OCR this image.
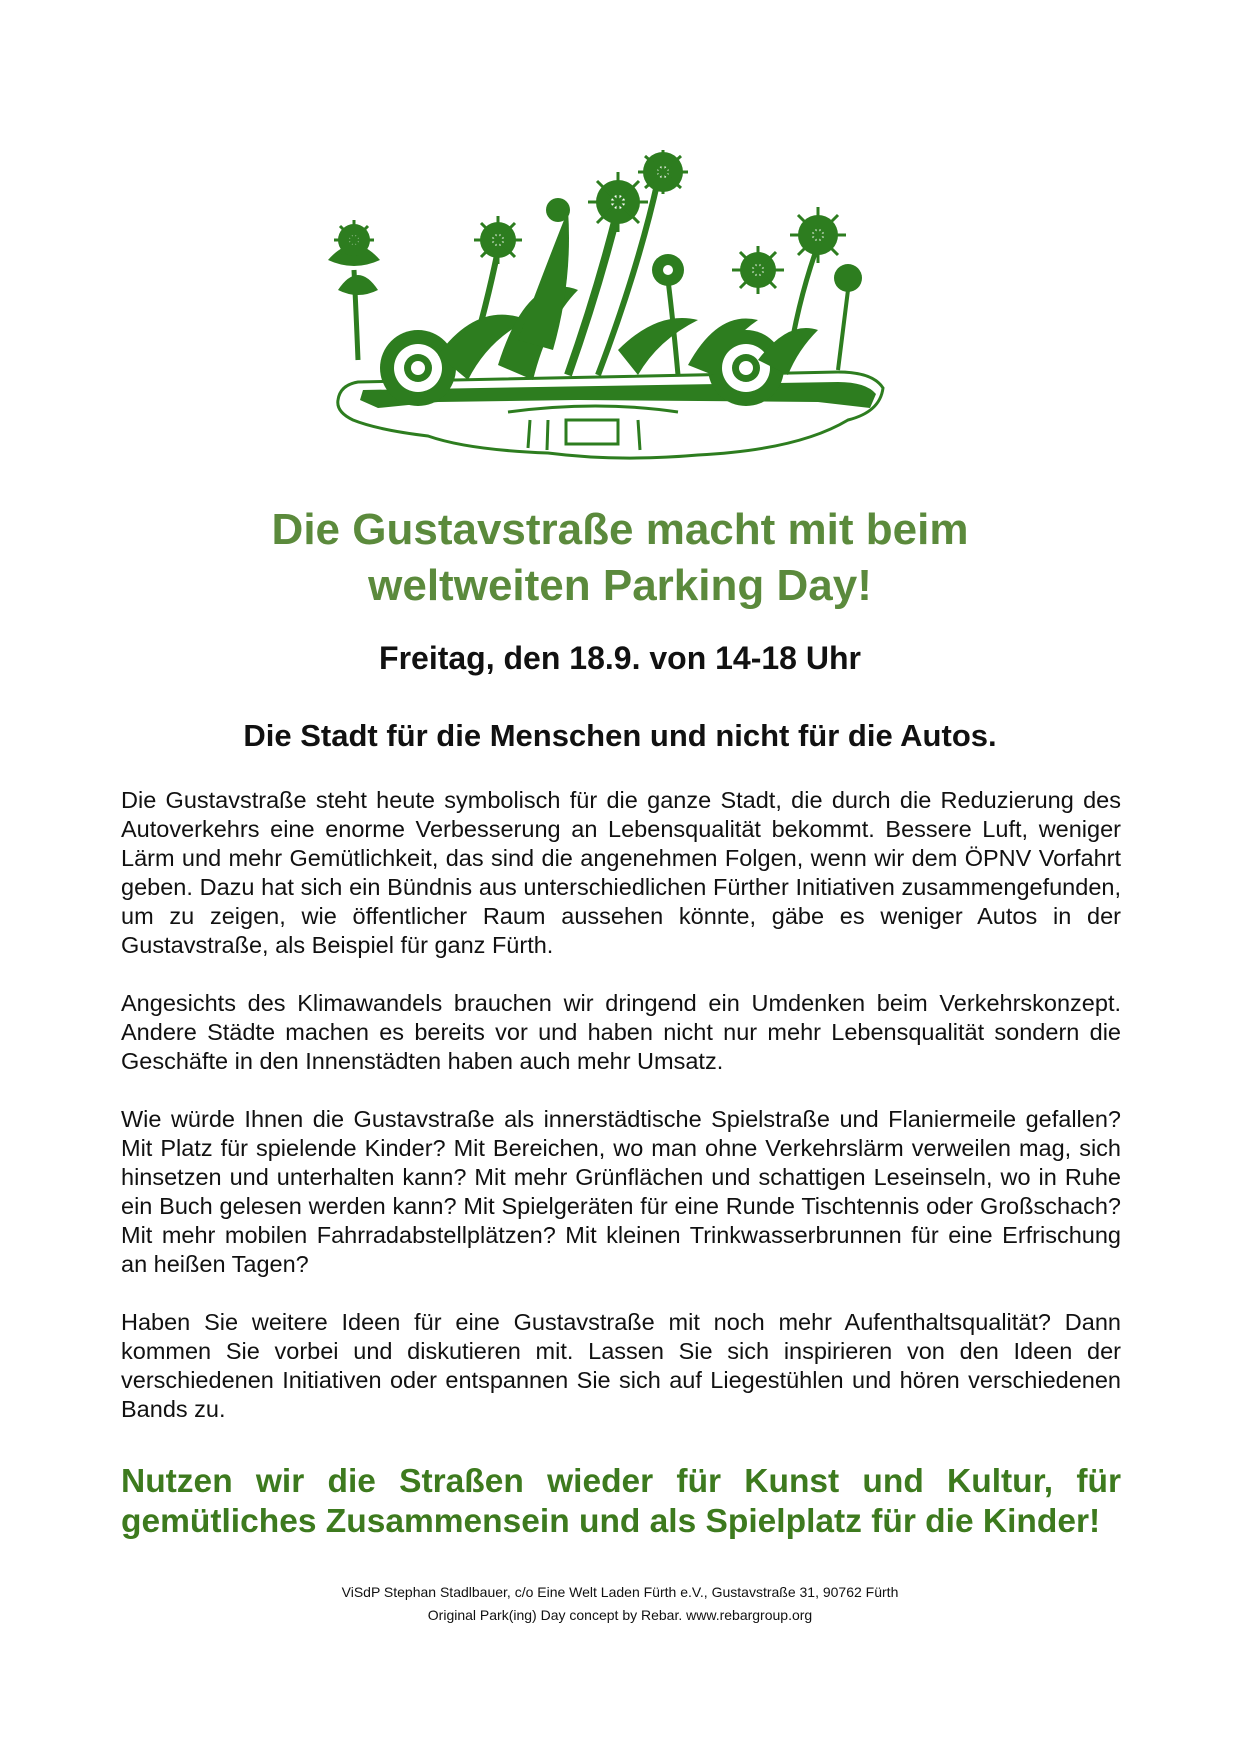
Die Gustavstraße macht mit beim
weltweiten Parking Day!
Freitag, den 18.9. von 14-18 Uhr
Die Stadt für die Menschen und nicht für die Autos.

Die Gustavstraße steht heute symbolisch für die ganze Stadt, die durch die Reduzierung des Autoverkehrs eine enorme Verbesserung an Lebensqualität bekommt. Bessere Luft, weniger Lärm und mehr Gemütlichkeit, das sind die angenehmen Folgen, wenn wir dem ÖPNV Vorfahrt geben. Dazu hat sich ein Bündnis aus unterschiedlichen Fürther Initiativen zusammengefunden, um zu zeigen, wie öffentlicher Raum aussehen könnte, gäbe es weniger Autos in der Gustavstraße, als Beispiel für ganz Fürth.

Angesichts des Klimawandels brauchen wir dringend ein Umdenken beim Verkehrskonzept. Andere Städte machen es bereits vor und haben nicht nur mehr Lebensqualität sondern die Geschäfte in den Innenstädten haben auch mehr Umsatz.

Wie würde Ihnen die Gustavstraße als innerstädtische Spielstraße und Flaniermeile gefallen? Mit Platz für spielende Kinder? Mit Bereichen, wo man ohne Verkehrslärm verweilen mag, sich hinsetzen und unterhalten kann? Mit mehr Grünflächen und schattigen Leseinseln, wo in Ruhe ein Buch gelesen werden kann? Mit Spielgeräten für eine Runde Tischtennis oder Großschach? Mit mehr mobilen Fahrradabstellplätzen? Mit kleinen Trinkwasserbrunnen für eine Erfrischung an heißen Tagen?

Haben Sie weitere Ideen für eine Gustavstraße mit noch mehr Aufenthaltsqualität? Dann kommen Sie vorbei und diskutieren mit. Lassen Sie sich inspirieren von den Ideen der verschiedenen Initiativen oder entspannen Sie sich auf Liegestühlen und hören verschiedenen Bands zu.

Nutzen wir die Straßen wieder für Kunst und Kultur, für gemütliches Zusammensein und als Spielplatz für die Kinder!
ViSdP Stephan Stadlbauer, c/o Eine Welt Laden Fürth e.V., Gustavstraße 31, 90762 Fürth
Original Park(ing) Day concept by Rebar. www.rebargroup.org
